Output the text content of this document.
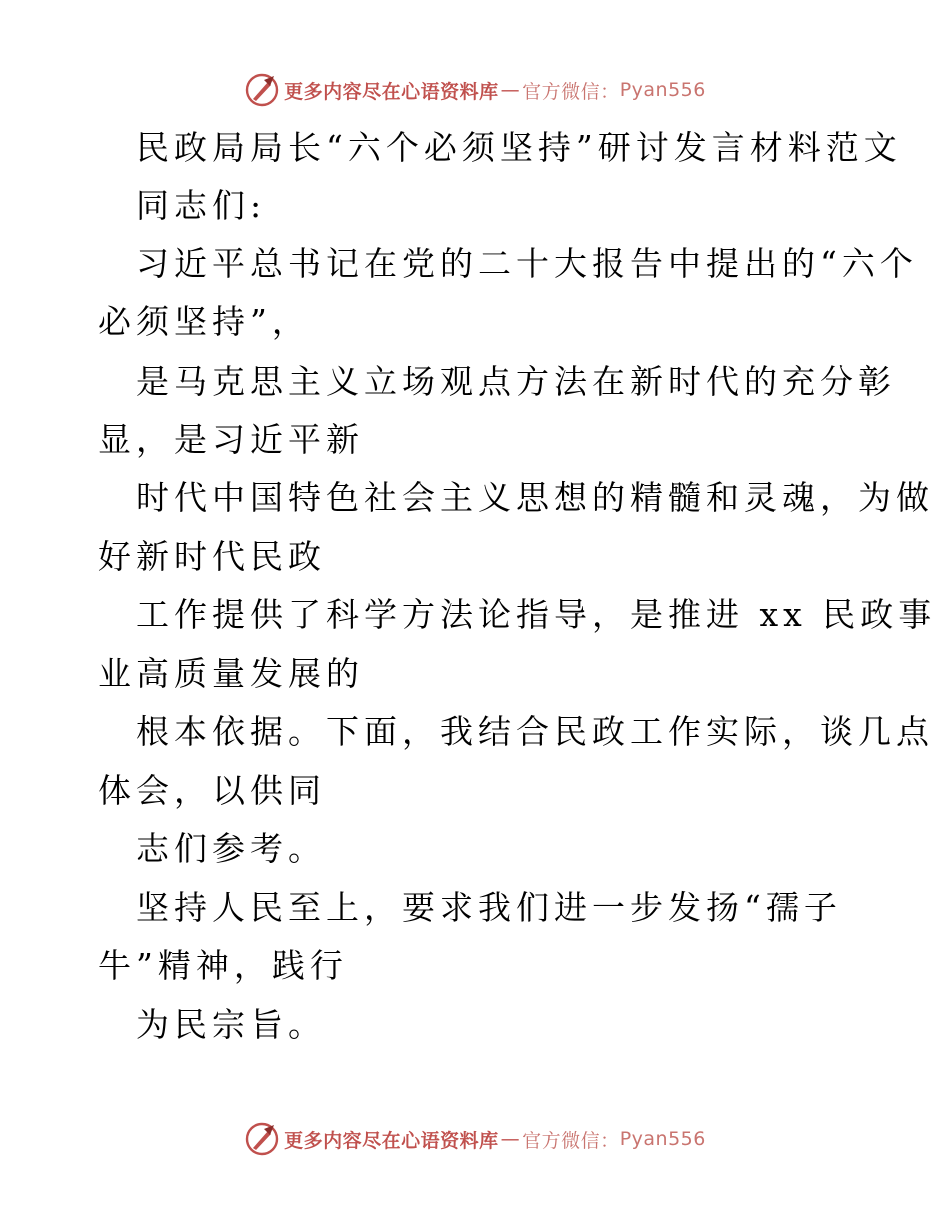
更多内容尽在心语资料库 — 官方微信： Pyan556
民政局局长“六个必须坚持”研讨发言材料范文
同志们:
习近平总书记在党的二十大报告中提出的“六个
必须坚持”，
是马克思主义立场观点方法在新时代的充分彰
显，是习近平新
时代中国特色社会主义思想的精髓和灵魂，为做
好新时代民政
工作提供了科学方法论指导，是推进 xx 民政事
业高质量发展的
根本依据。下面，我结合民政工作实际，谈几点
体会，以供同
志们参考。
坚持人民至上，要求我们进一步发扬“孺子
牛”精神，践行
为民宗旨。
更多内容尽在心语资料库 — 官方微信： Pyan556
